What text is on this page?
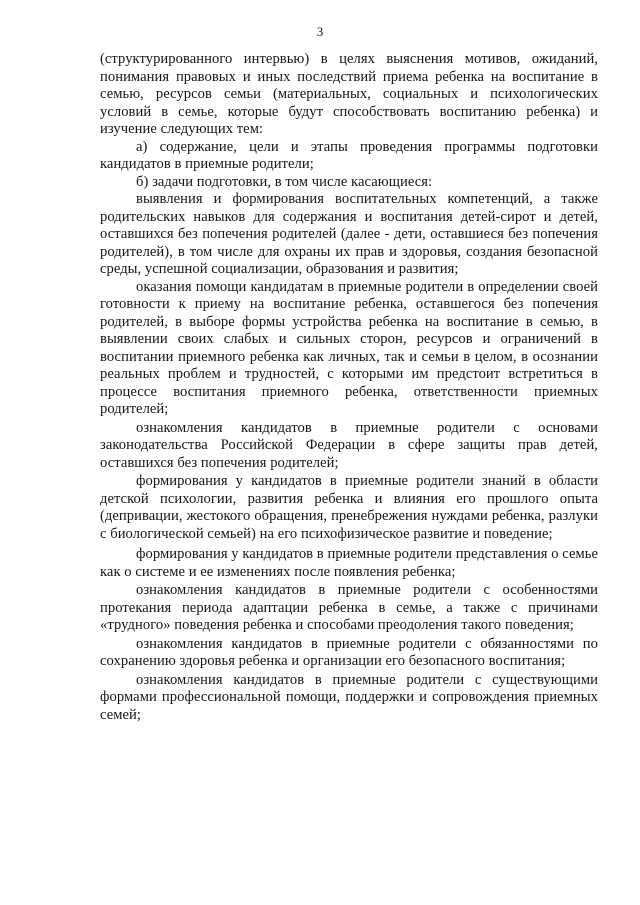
3

(структурированного интервью) в целях выяснения мотивов, ожиданий, понимания правовых и иных последствий приема ребенка на воспитание в семью, ресурсов семьи (материальных, социальных и психологических условий в семье, которые будут способствовать воспитанию ребенка) и изучение следующих тем:

а) содержание, цели и этапы проведения программы подготовки кандидатов в приемные родители;

б) задачи подготовки, в том числе касающиеся:

выявления и формирования воспитательных компетенций, а также родительских навыков для содержания и воспитания детей-сирот и детей, оставшихся без попечения родителей (далее - дети, оставшиеся без попечения родителей), в том числе для охраны их прав и здоровья, создания безопасной среды, успешной социализации, образования и развития;

оказания помощи кандидатам в приемные родители в определении своей готовности к приему на воспитание ребенка, оставшегося без попечения родителей, в выборе формы устройства ребенка на воспитание в семью, в выявлении своих слабых и сильных сторон, ресурсов и ограничений в воспитании приемного ребенка как личных, так и семьи в целом, в осознании реальных проблем и трудностей, с которыми им предстоит встретиться в процессе воспитания приемного ребенка, ответственности приемных родителей;

ознакомления кандидатов в приемные родители с основами законодательства Российской Федерации в сфере защиты прав детей, оставшихся без попечения родителей;

формирования у кандидатов в приемные родители знаний в области детской психологии, развития ребенка и влияния его прошлого опыта (депривации, жестокого обращения, пренебрежения нуждами ребенка, разлуки с биологической семьей) на его психофизическое развитие и поведение;

формирования у кандидатов в приемные родители представления о семье как о системе и ее изменениях после появления ребенка;

ознакомления кандидатов в приемные родители с особенностями протекания периода адаптации ребенка в семье, а также с причинами «трудного» поведения ребенка и способами преодоления такого поведения;

ознакомления кандидатов в приемные родители с обязанностями по сохранению здоровья ребенка и организации его безопасного воспитания;

ознакомления кандидатов в приемные родители с существующими формами профессиональной помощи, поддержки и сопровождения приемных семей;
